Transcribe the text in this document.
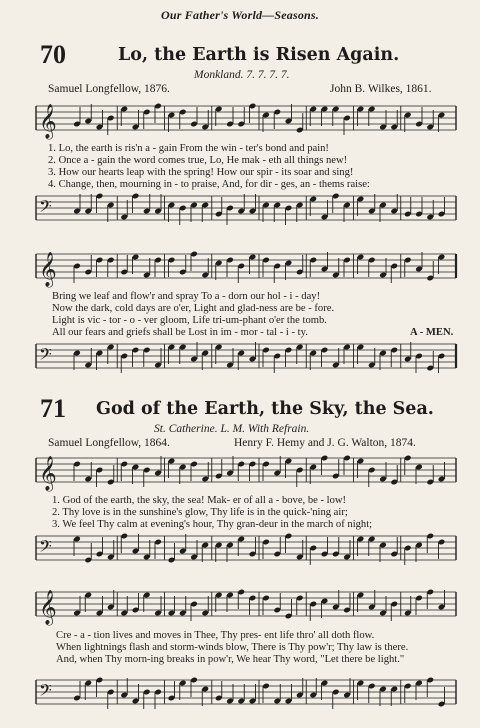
Our Father's World—Seasons.
70	Lo, the Earth is Risen Again.
Monkland. 7. 7. 7. 7.
Samuel Longfellow, 1876.	John B. Wilkes, 1861.
𝄞
1. Lo, the earth is ris'n a - gain From the win - ter's bond and pain!
2. Once a - gain the word comes true, Lo, He mak - eth all things new!
3. How our hearts leap with the spring! How our spir - its soar and sing!
4. Change, then, mourning in - to praise, And, for dir - ges, an - thems raise:
𝄢
𝄞
Bring we leaf and flow'r and spray To a - dorn our hol - i - day!
Now the dark, cold days are o'er, Light and glad-ness are be - fore.
Light is vic - tor - o - ver gloom, Life tri-um-phant o'er the tomb.
All our fears and griefs shall be Lost in im - mor - tal - i - ty.	A - MEN.
𝄢
71 God of the Earth, the Sky, the Sea.
St. Catherine. L. M. With Refrain.
Samuel Longfellow, 1864.	Henry F. Hemy and J. G. Walton, 1874.
𝄞
1. God of the earth, the sky, the sea! Mak- er of all a - bove, be - low!
2. Thy love is in the sunshine's glow, Thy life is in the quick-'ning air;
3. We feel Thy calm at evening's hour, Thy gran-deur in the march of night;
𝄢
𝄞
Cre - a - tion lives and moves in Thee, Thy pres- ent life thro' all doth flow.
When lightnings flash and storm-winds blow, There is Thy pow'r; Thy law is there.
And, when Thy morn-ing breaks in pow'r, We hear Thy word, "Let there be light."
𝄢
